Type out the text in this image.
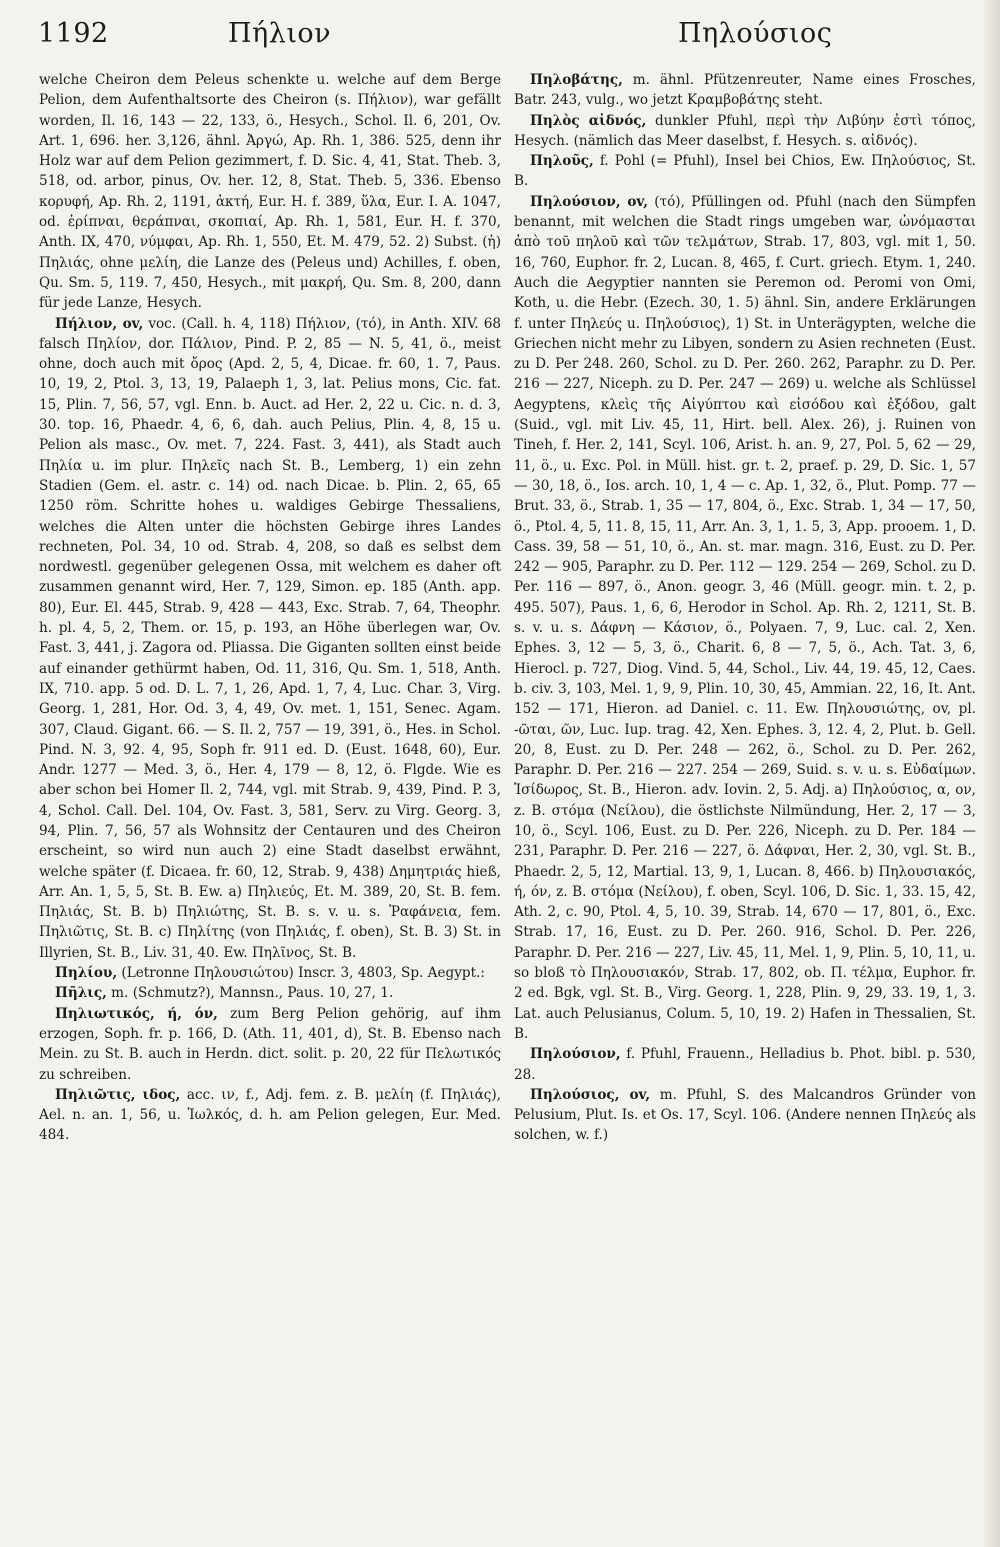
1192	Πήλιον	Πηλούσιος

welche Cheiron dem Peleus schenkte u. welche auf dem Berge Pelion, dem Aufenthaltsorte des Cheiron (s. Πήλιον), war gefällt worden, Il. 16, 143 — 22, 133, ö., Hesych., Schol. Il. 6, 201, Ov. Art. 1, 696. her. 3,126, ähnl. Ἀργώ, Ap. Rh. 1, 386. 525, denn ihr Holz war auf dem Pelion gezimmert, f. D. Sic. 4, 41, Stat. Theb. 3, 518, od. arbor, pinus, Ov. her. 12, 8, Stat. Theb. 5, 336. Ebenso κορυφή, Ap. Rh. 2, 1191, ἀκτή, Eur. H. f. 389, ὕλα, Eur. I. A. 1047, od. ἐρίπναι, θεράπναι, σκοπιαί, Ap. Rh. 1, 581, Eur. H. f. 370, Anth. IX, 470, νύμφαι, Ap. Rh. 1, 550, Et. M. 479, 52. 2) Subst. (ἡ) Πηλιάς, ohne μελίη, die Lanze des (Peleus und) Achilles, f. oben, Qu. Sm. 5, 119. 7, 450, Hesych., mit μακρή, Qu. Sm. 8, 200, dann für jede Lanze, Hesych.

Πήλιον, ov, voc. (Call. h. 4, 118) Πήλιον, (τό), in Anth. XIV. 68 falsch Πηλίον, dor. Πάλιον, Pind. P. 2, 85 — N. 5, 41, ö., meist ohne, doch auch mit ὄρος (Apd. 2, 5, 4, Dicae. fr. 60, 1. 7, Paus. 10, 19, 2, Ptol. 3, 13, 19, Palaeph 1, 3, lat. Pelius mons, Cic. fat. 15, Plin. 7, 56, 57, vgl. Enn. b. Auct. ad Her. 2, 22 u. Cic. n. d. 3, 30. top. 16, Phaedr. 4, 6, 6, dah. auch Pelius, Plin. 4, 8, 15 u. Pelion als masc., Ov. met. 7, 224. Fast. 3, 441), als Stadt auch Πηλία u. im plur. Πηλεῖς nach St. B., Lemberg, 1) ein zehn Stadien (Gem. el. astr. c. 14) od. nach Dicae. b. Plin. 2, 65, 65 1250 röm. Schritte hohes u. waldiges Gebirge Thessaliens, welches die Alten unter die höchsten Gebirge ihres Landes rechneten, Pol. 34, 10 od. Strab. 4, 208, so daß es selbst dem nordwestl. gegenüber gelegenen Ossa, mit welchem es daher oft zusammen genannt wird, Her. 7, 129, Simon. ep. 185 (Anth. app. 80), Eur. El. 445, Strab. 9, 428 — 443, Exc. Strab. 7, 64, Theophr. h. pl. 4, 5, 2, Them. or. 15, p. 193, an Höhe überlegen war, Ov. Fast. 3, 441, j. Zagora od. Pliassa. Die Giganten sollten einst beide auf einander gethürmt haben, Od. 11, 316, Qu. Sm. 1, 518, Anth. IX, 710. app. 5 od. D. L. 7, 1, 26, Apd. 1, 7, 4, Luc. Char. 3, Virg. Georg. 1, 281, Hor. Od. 3, 4, 49, Ov. met. 1, 151, Senec. Agam. 307, Claud. Gigant. 66. — S. Il. 2, 757 — 19, 391, ö., Hes. in Schol. Pind. N. 3, 92. 4, 95, Soph fr. 911 ed. D. (Eust. 1648, 60), Eur. Andr. 1277 — Med. 3, ö., Her. 4, 179 — 8, 12, ö. Flgde. Wie es aber schon bei Homer Il. 2, 744, vgl. mit Strab. 9, 439, Pind. P. 3, 4, Schol. Call. Del. 104, Ov. Fast. 3, 581, Serv. zu Virg. Georg. 3, 94, Plin. 7, 56, 57 als Wohnsitz der Centauren und des Cheiron erscheint, so wird nun auch 2) eine Stadt daselbst erwähnt, welche später (f. Dicaea. fr. 60, 12, Strab. 9, 438) Δημητριάς hieß, Arr. An. 1, 5, 5, St. B. Ew. a) Πηλιεύς, Et. M. 389, 20, St. B. fem. Πηλιάς, St. B. b) Πηλιώτης, St. B. s. v. u. s. Ῥαφάνεια, fem. Πηλιῶτις, St. B. c) Πηλίτης (von Πηλιάς, f. oben), St. B. 3) St. in Illyrien, St. B., Liv. 31, 40. Ew. Πηλῖνος, St. B.

Πηλίου, (Letronne Πηλουσιώτου) Inscr. 3, 4803, Sp. Aegypt.:

Πῆλις, m. (Schmutz?), Mannsn., Paus. 10, 27, 1.

Πηλιωτικός, ή, όν, zum Berg Pelion gehörig, auf ihm erzogen, Soph. fr. p. 166, D. (Ath. 11, 401, d), St. B. Ebenso nach Mein. zu St. B. auch in Herdn. dict. solit. p. 20, 22 für Πελωτικός zu schreiben.

Πηλιῶτις, ιδος, acc. ιν, f., Adj. fem. z. B. μελίη (f. Πηλιάς), Ael. n. an. 1, 56, u. Ἰωλκός, d. h. am Pelion gelegen, Eur. Med. 484.

Πηλοβάτης, m. ähnl. Pfützenreuter, Name eines Frosches, Batr. 243, vulg., wo jetzt Κραμβοβάτης steht.

Πηλὸς αἰδνός, dunkler Pfuhl, περὶ τὴν Λιβύην ἐστὶ τόπος, Hesych. (nämlich das Meer daselbst, f. Hesych. s. αἰδνός).

Πηλοῦς, f. Pohl (= Pfuhl), Insel bei Chios, Ew. Πηλούσιος, St. B.

Πηλούσιον, ov, (τό), Pfüllingen od. Pfuhl (nach den Sümpfen benannt, mit welchen die Stadt rings umgeben war, ὠνόμασται ἀπὸ τοῦ πηλοῦ καὶ τῶν τελμάτων, Strab. 17, 803, vgl. mit 1, 50. 16, 760, Euphor. fr. 2, Lucan. 8, 465, f. Curt. griech. Etym. 1, 240. Auch die Aegyptier nannten sie Peremon od. Peromi von Omi, Koth, u. die Hebr. (Ezech. 30, 1. 5) ähnl. Sin, andere Erklärungen f. unter Πηλεύς u. Πηλούσιος), 1) St. in Unterägypten, welche die Griechen nicht mehr zu Libyen, sondern zu Asien rechneten (Eust. zu D. Per 248. 260, Schol. zu D. Per. 260. 262, Paraphr. zu D. Per. 216 — 227, Niceph. zu D. Per. 247 — 269) u. welche als Schlüssel Aegyptens, κλεὶς τῆς Αἰγύπτου καὶ εἰσόδου καὶ ἐξόδου, galt (Suid., vgl. mit Liv. 45, 11, Hirt. bell. Alex. 26), j. Ruinen von Tineh, f. Her. 2, 141, Scyl. 106, Arist. h. an. 9, 27, Pol. 5, 62 — 29, 11, ö., u. Exc. Pol. in Müll. hist. gr. t. 2, praef. p. 29, D. Sic. 1, 57 — 30, 18, ö., Ios. arch. 10, 1, 4 — c. Ap. 1, 32, ö., Plut. Pomp. 77 — Brut. 33, ö., Strab. 1, 35 — 17, 804, ö., Exc. Strab. 1, 34 — 17, 50, ö., Ptol. 4, 5, 11. 8, 15, 11, Arr. An. 3, 1, 1. 5, 3, App. prooem. 1, D. Cass. 39, 58 — 51, 10, ö., An. st. mar. magn. 316, Eust. zu D. Per. 242 — 905, Paraphr. zu D. Per. 112 — 129. 254 — 269, Schol. zu D. Per. 116 — 897, ö., Anon. geogr. 3, 46 (Müll. geogr. min. t. 2, p. 495. 507), Paus. 1, 6, 6, Herodor in Schol. Ap. Rh. 2, 1211, St. B. s. v. u. s. Δάφνη — Κάσιον, ö., Polyaen. 7, 9, Luc. cal. 2, Xen. Ephes. 3, 12 — 5, 3, ö., Charit. 6, 8 — 7, 5, ö., Ach. Tat. 3, 6, Hierocl. p. 727, Diog. Vind. 5, 44, Schol., Liv. 44, 19. 45, 12, Caes. b. civ. 3, 103, Mel. 1, 9, 9, Plin. 10, 30, 45, Ammian. 22, 16, It. Ant. 152 — 171, Hieron. ad Daniel. c. 11. Ew. Πηλουσιώτης, ov, pl. -ῶται, ῶν, Luc. Iup. trag. 42, Xen. Ephes. 3, 12. 4, 2, Plut. b. Gell. 20, 8, Eust. zu D. Per. 248 — 262, ö., Schol. zu D. Per. 262, Paraphr. D. Per. 216 — 227. 254 — 269, Suid. s. v. u. s. Εὐδαίμων. Ἰσίδωρος, St. B., Hieron. adv. Iovin. 2, 5. Adj. a) Πηλούσιος, α, ον, z. B. στόμα (Νείλου), die östlichste Nilmündung, Her. 2, 17 — 3, 10, ö., Scyl. 106, Eust. zu D. Per. 226, Niceph. zu D. Per. 184 — 231, Paraphr. D. Per. 216 — 227, ö. Δάφναι, Her. 2, 30, vgl. St. B., Phaedr. 2, 5, 12, Martial. 13, 9, 1, Lucan. 8, 466. b) Πηλουσιακός, ή, όν, z. B. στόμα (Νείλου), f. oben, Scyl. 106, D. Sic. 1, 33. 15, 42, Ath. 2, c. 90, Ptol. 4, 5, 10. 39, Strab. 14, 670 — 17, 801, ö., Exc. Strab. 17, 16, Eust. zu D. Per. 260. 916, Schol. D. Per. 226, Paraphr. D. Per. 216 — 227, Liv. 45, 11, Mel. 1, 9, Plin. 5, 10, 11, u. so bloß τὸ Πηλουσιακόν, Strab. 17, 802, ob. Π. τέλμα, Euphor. fr. 2 ed. Bgk, vgl. St. B., Virg. Georg. 1, 228, Plin. 9, 29, 33. 19, 1, 3. Lat. auch Pelusianus, Colum. 5, 10, 19. 2) Hafen in Thessalien, St. B.

Πηλούσιον, f. Pfuhl, Frauenn., Helladius b. Phot. bibl. p. 530, 28.

Πηλούσιος, ov, m. Pfuhl, S. des Malcandros Gründer von Pelusium, Plut. Is. et Os. 17, Scyl. 106. (Andere nennen Πηλεύς als solchen, w. f.)
